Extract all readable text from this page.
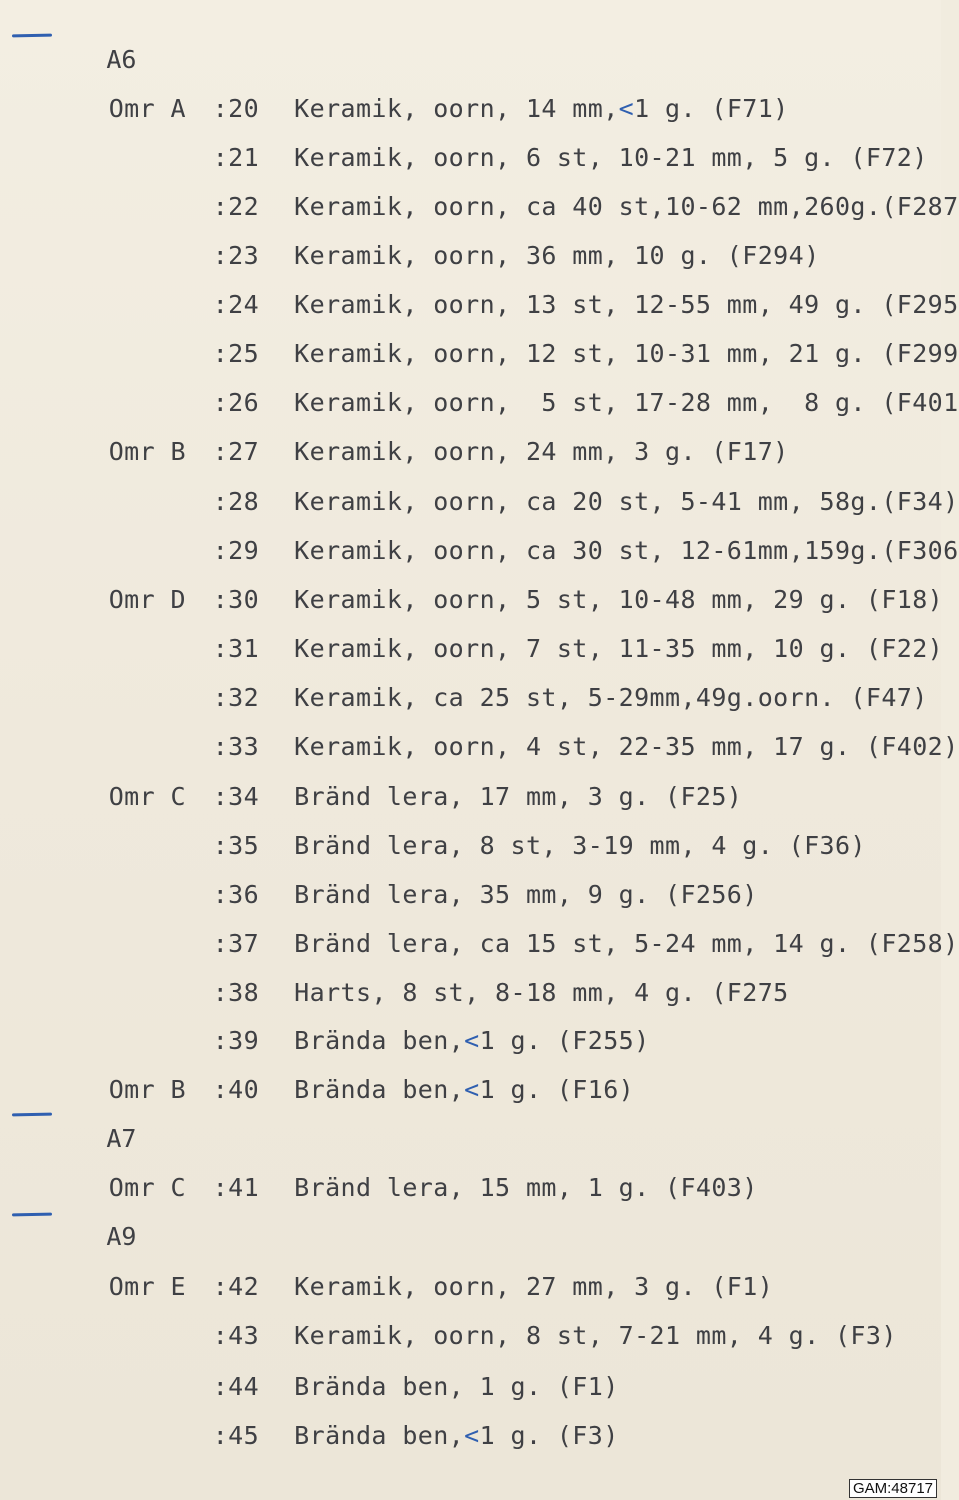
A6

Omr A :20 Keramik, oorn, 14 mm,<1 g. (F71)

:21 Keramik, oorn, 6 st, 10-21 mm, 5 g. (F72)

:22 Keramik, oorn, ca 40 st,10-62 mm,260g.(F287

:23 Keramik, oorn, 36 mm, 10 g. (F294)

:24 Keramik, oorn, 13 st, 12-55 mm, 49 g. (F295

:25 Keramik, oorn, 12 st, 10-31 mm, 21 g. (F299

:26 Keramik, oorn,  5 st, 17-28 mm,  8 g. (F401

Omr B :27 Keramik, oorn, 24 mm, 3 g. (F17)

:28 Keramik, oorn, ca 20 st, 5-41 mm, 58g.(F34)

:29 Keramik, oorn, ca 30 st, 12-61mm,159g.(F306

Omr D :30 Keramik, oorn, 5 st, 10-48 mm, 29 g. (F18)

:31 Keramik, oorn, 7 st, 11-35 mm, 10 g. (F22)

:32 Keramik, ca 25 st, 5-29mm,49g.oorn. (F47)

:33 Keramik, oorn, 4 st, 22-35 mm, 17 g. (F402)

Omr C :34 Bränd lera, 17 mm, 3 g. (F25)

:35 Bränd lera, 8 st, 3-19 mm, 4 g. (F36)

:36 Bränd lera, 35 mm, 9 g. (F256)

:37 Bränd lera, ca 15 st, 5-24 mm, 14 g. (F258)

:38 Harts, 8 st, 8-18 mm, 4 g. (F275

:39 Brända ben,<1 g. (F255)

Omr B :40 Brända ben,<1 g. (F16)

A7

Omr C :41 Bränd lera, 15 mm, 1 g. (F403)

A9

Omr E :42 Keramik, oorn, 27 mm, 3 g. (F1)

:43 Keramik, oorn, 8 st, 7-21 mm, 4 g. (F3)

:44 Brända ben, 1 g. (F1)

:45 Brända ben,<1 g. (F3)

GAM:48717
